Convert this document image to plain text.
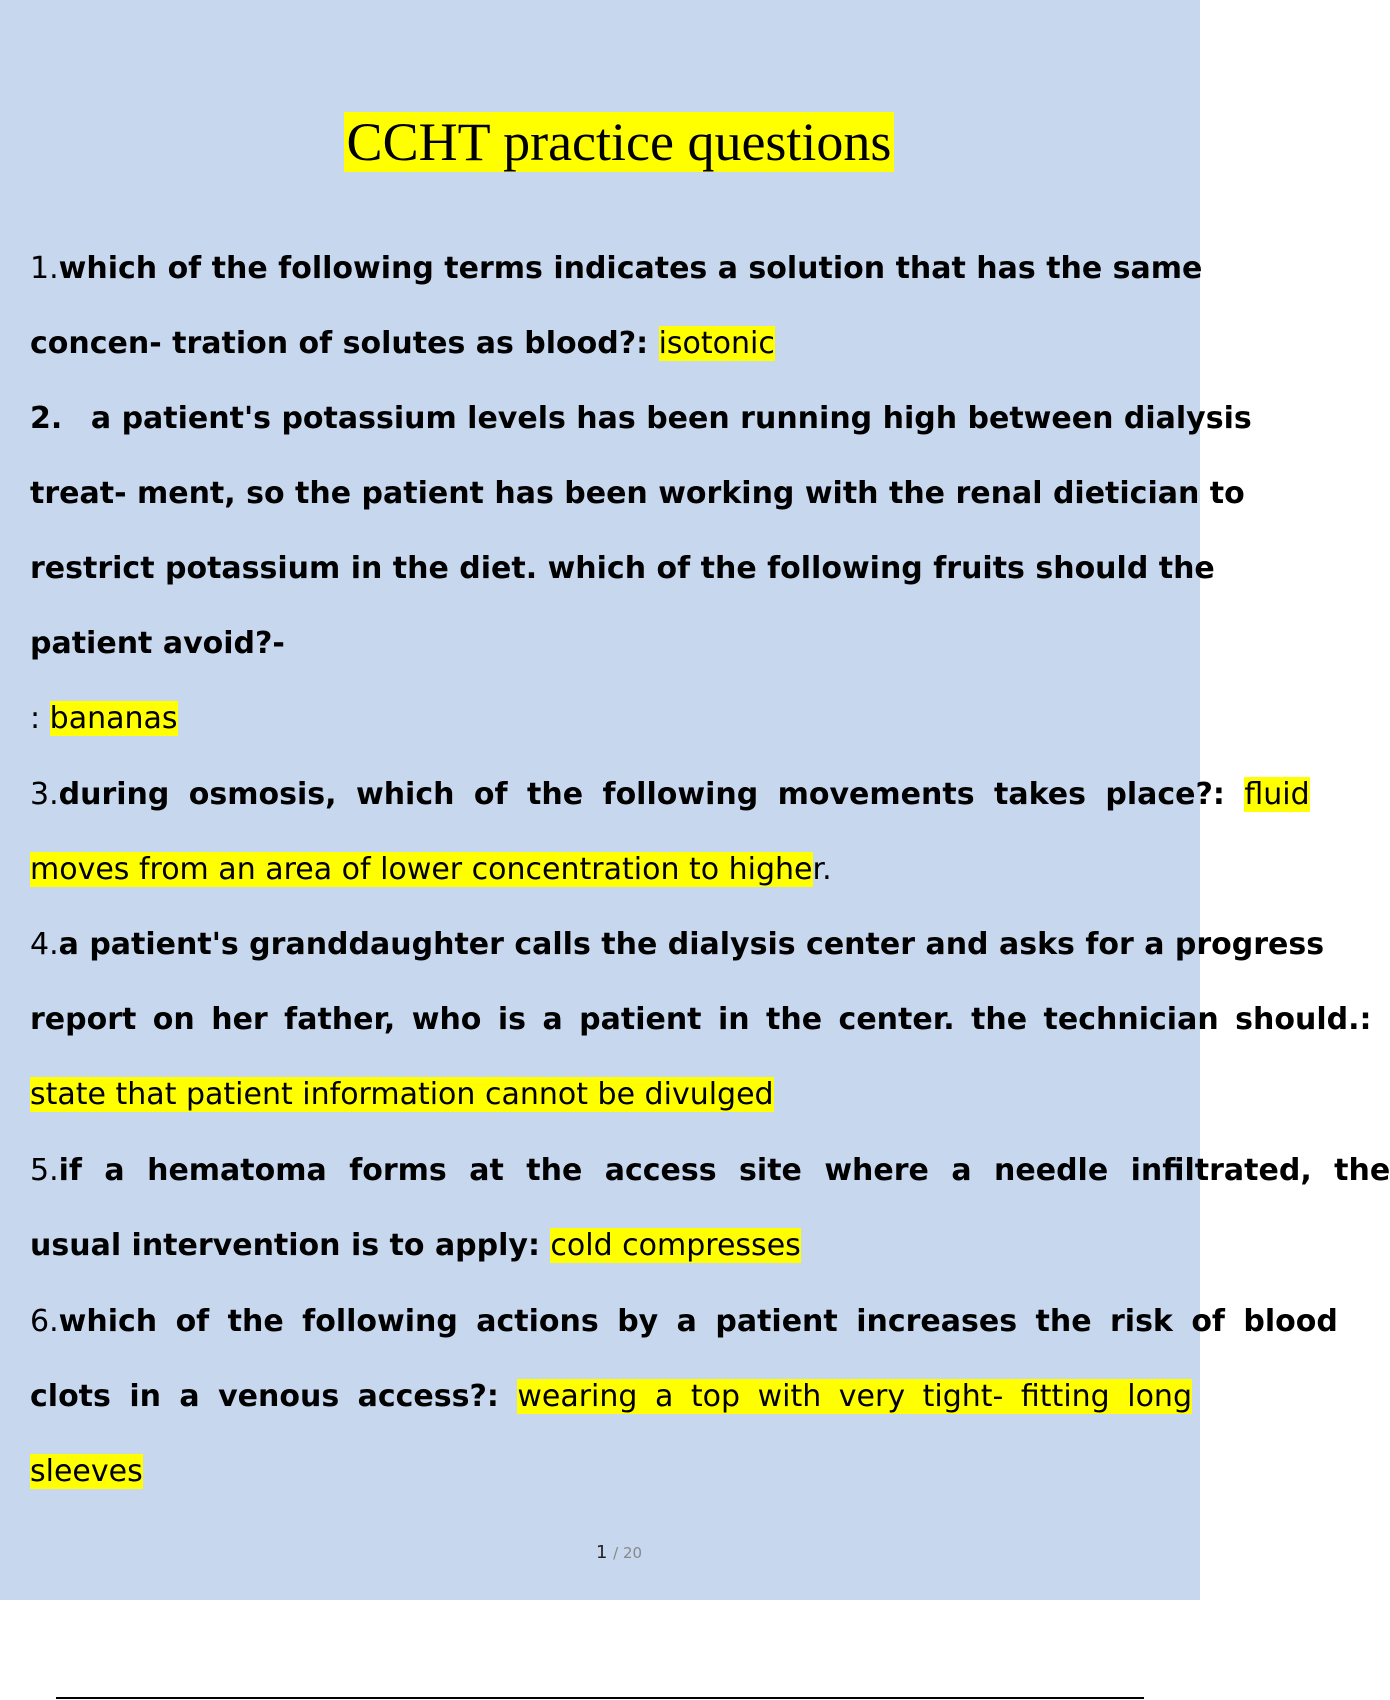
CCHT practice questions
1.which of the following terms indicates a solution that has the same
concen- tration of solutes as blood?: isotonic
2. a patient's potassium levels has been running high between dialysis
treat- ment, so the patient has been working with the renal dietician to
restrict potassium in the diet. which of the following fruits should the
patient avoid?-
: bananas
3.during osmosis, which of the following movements takes place?: fluid
moves from an area of lower concentration to higher.
4.a patient's granddaughter calls the dialysis center and asks for a progress
report on her father, who is a patient in the center. the technician should.:
state that patient information cannot be divulged
5.if a hematoma forms at the access site where a needle infiltrated, the
usual intervention is to apply: cold compresses
6.which of the following actions by a patient increases the risk of blood
clots in a venous access?: wearing a top with very tight- fitting long
sleeves
1 / 20
